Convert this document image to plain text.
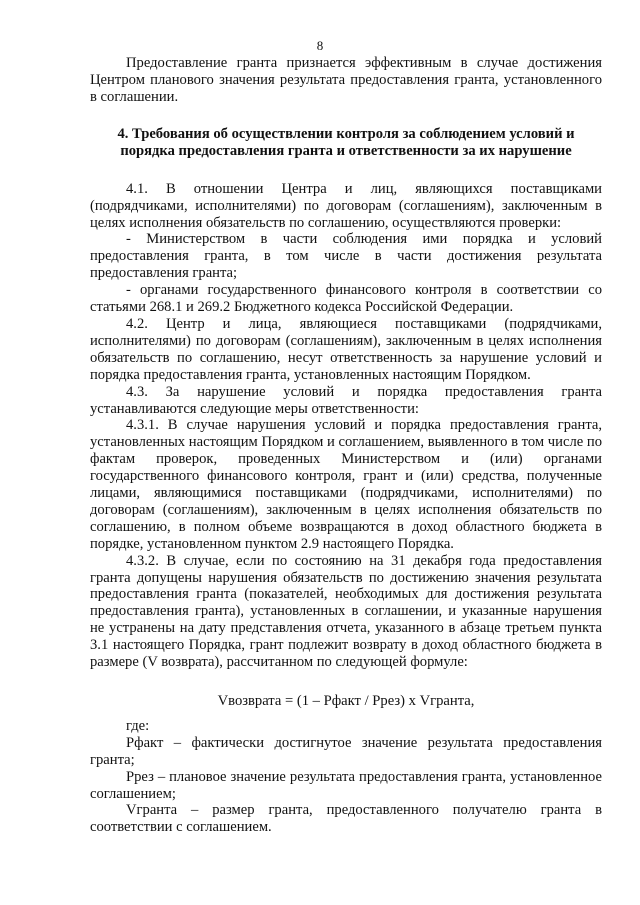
8

Предоставление гранта признается эффективным в случае достижения Центром планового значения результата предоставления гранта, установленного в соглашении.

4. Требования об осуществлении контроля за соблюдением условий и порядка предоставления гранта и ответственности за их нарушение

4.1. В отношении Центра и лиц, являющихся поставщиками (подрядчиками, исполнителями) по договорам (соглашениям), заключенным в целях исполнения обязательств по соглашению, осуществляются проверки:

- Министерством в части соблюдения ими порядка и условий предоставления гранта, в том числе в части достижения результата предоставления гранта;

- органами государственного финансового контроля в соответствии со статьями 268.1 и 269.2 Бюджетного кодекса Российской Федерации.

4.2. Центр и лица, являющиеся поставщиками (подрядчиками, исполнителями) по договорам (соглашениям), заключенным в целях исполнения обязательств по соглашению, несут ответственность за нарушение условий и порядка предоставления гранта, установленных настоящим Порядком.

4.3. За нарушение условий и порядка предоставления гранта устанавливаются следующие меры ответственности:

4.3.1. В случае нарушения условий и порядка предоставления гранта, установленных настоящим Порядком и соглашением, выявленного в том числе по фактам проверок, проведенных Министерством и (или) органами государственного финансового контроля, грант и (или) средства, полученные лицами, являющимися поставщиками (подрядчиками, исполнителями) по договорам (соглашениям), заключенным в целях исполнения обязательств по соглашению, в полном объеме возвращаются в доход областного бюджета в порядке, установленном пунктом 2.9 настоящего Порядка.

4.3.2. В случае, если по состоянию на 31 декабря года предоставления гранта допущены нарушения обязательств по достижению значения результата предоставления гранта (показателей, необходимых для достижения результата предоставления гранта), установленных в соглашении, и указанные нарушения не устранены на дату представления отчета, указанного в абзаце третьем пункта 3.1 настоящего Порядка, грант подлежит возврату в доход областного бюджета в размере (V возврата), рассчитанном по следующей формуле:

Vвозврата = (1 – Рфакт / Ррез) х Vгранта,

где:

Рфакт – фактически достигнутое значение результата предоставления гранта;

Ррез – плановое значение результата предоставления гранта, установленное соглашением;

Vгранта – размер гранта, предоставленного получателю гранта в соответствии с соглашением.
